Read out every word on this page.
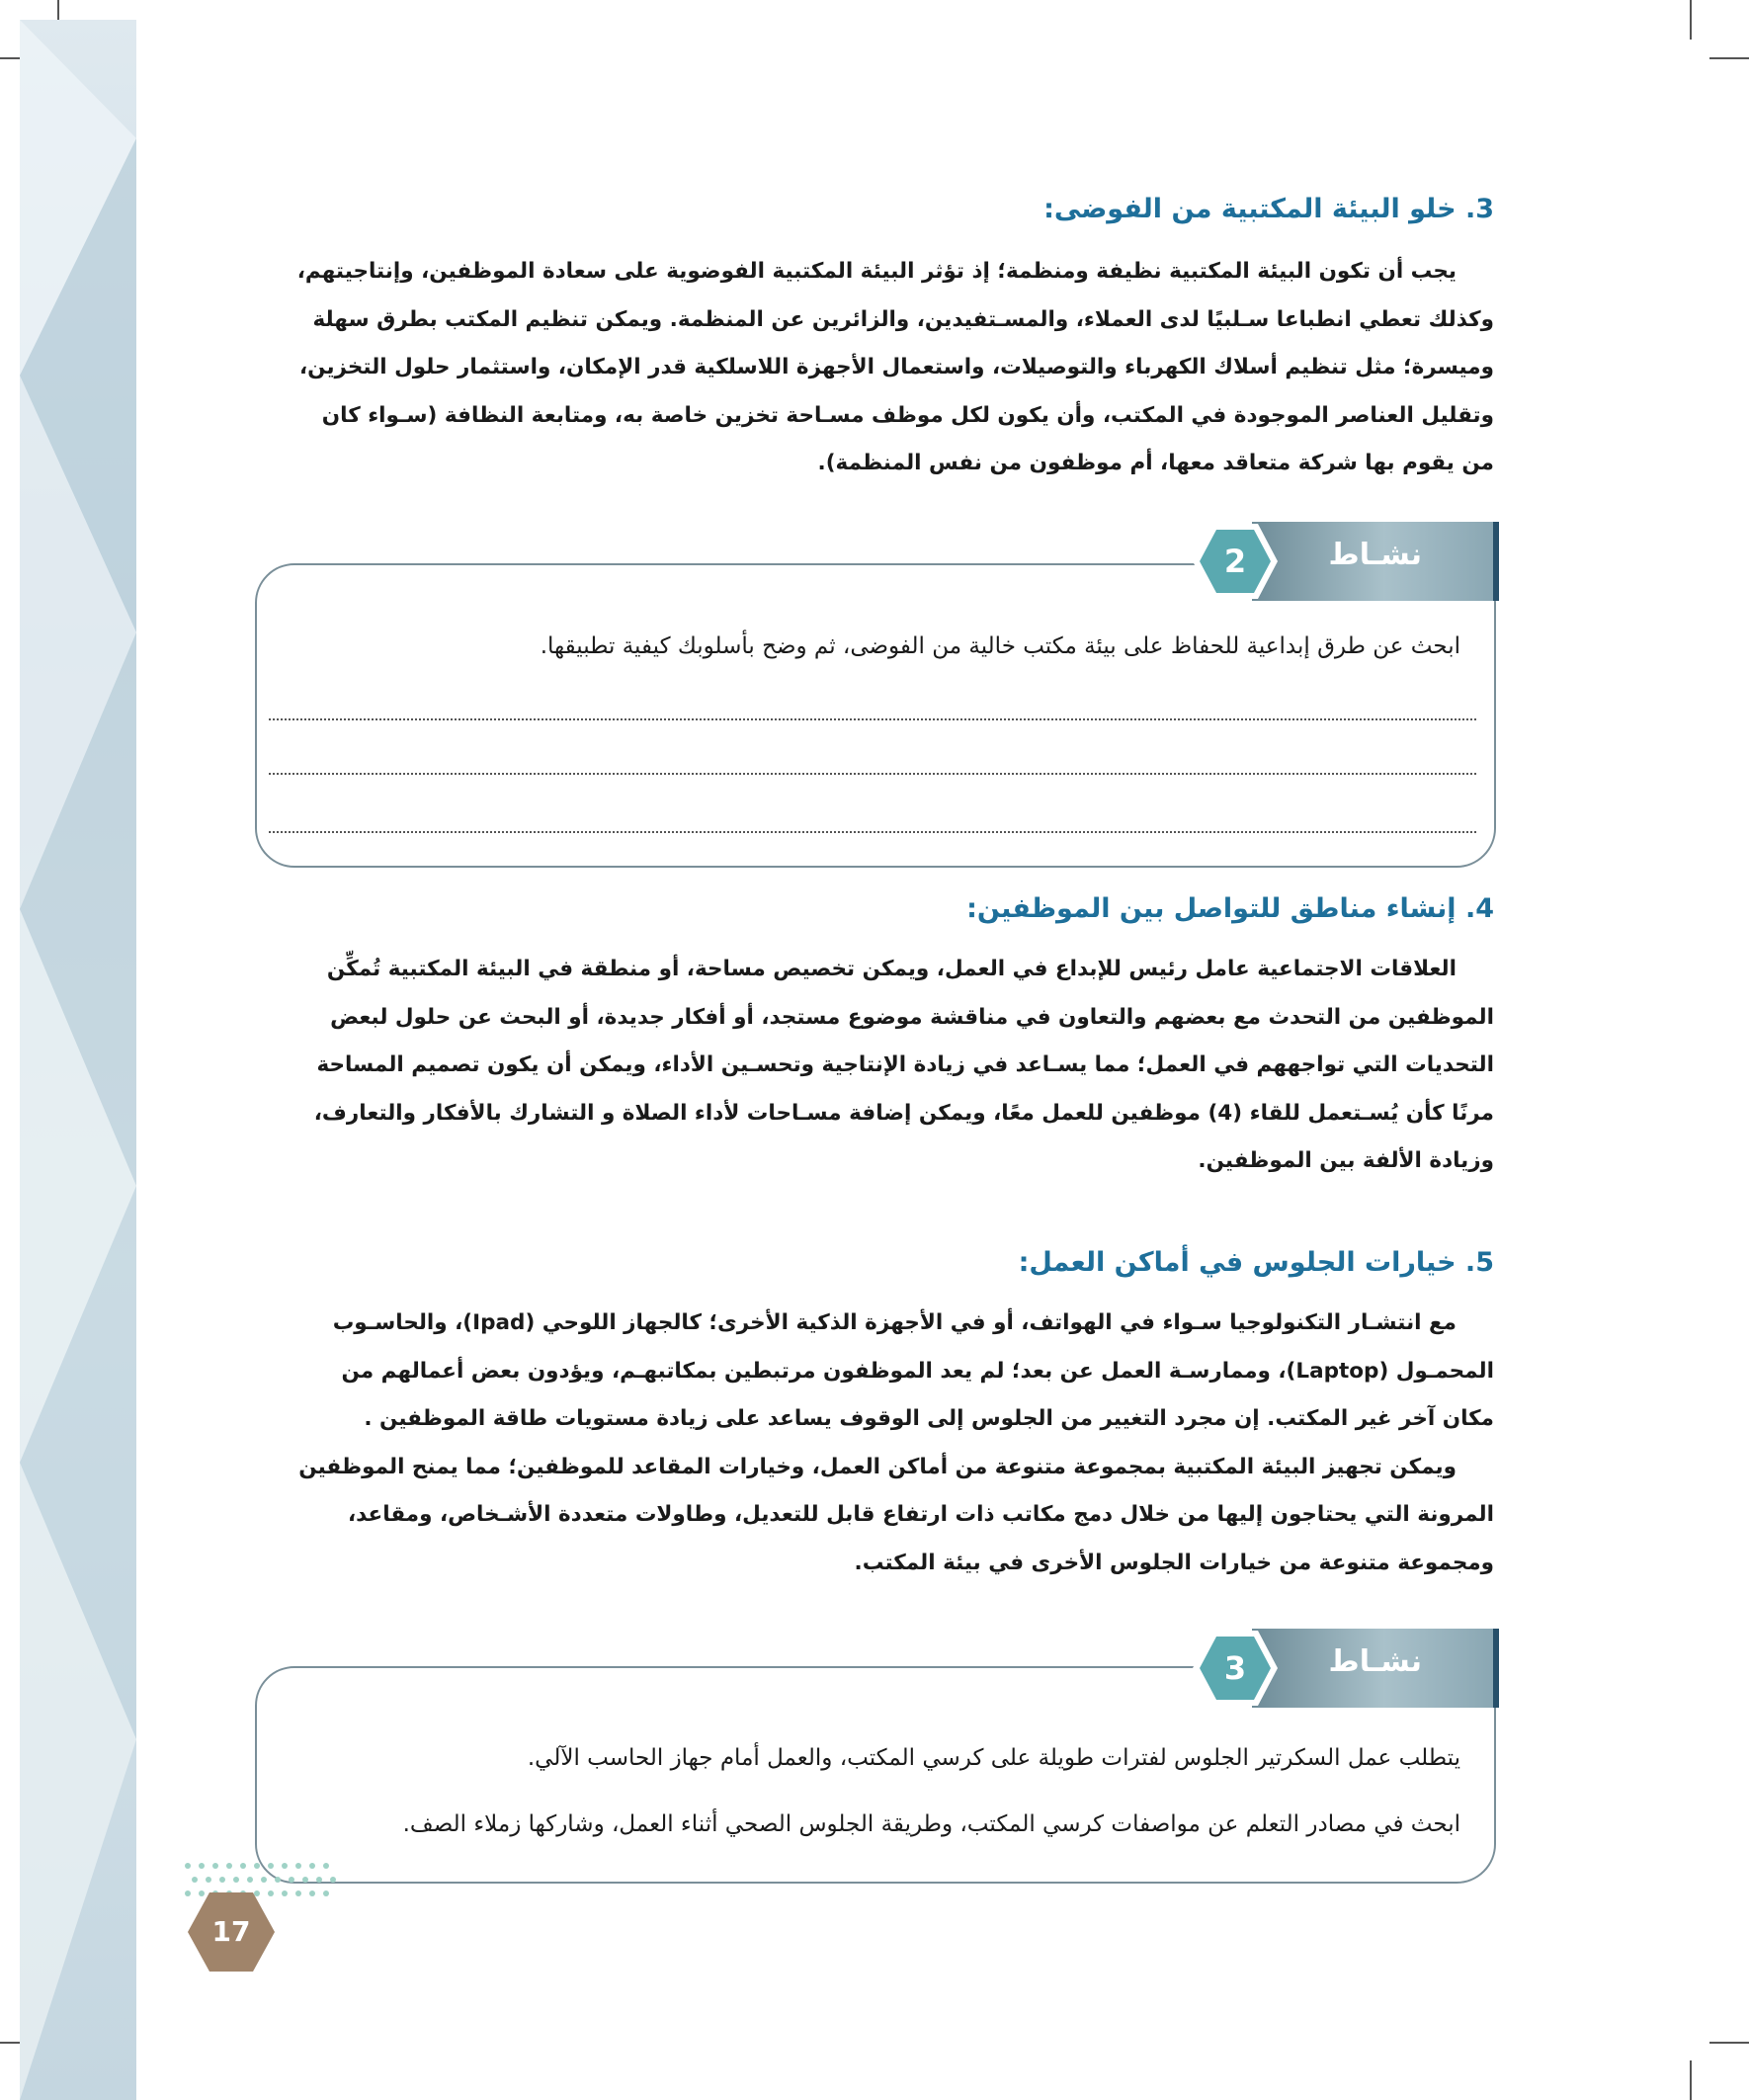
3. خلو البيئة المكتبية من الفوضى:
يجب أن تكون البيئة المكتبية نظيفة ومنظمة؛ إذ تؤثر البيئة المكتبية الفوضوية على سعادة الموظفين، وإنتاجيتهم،
وكذلك تعطي انطباعا سـلبيًا لدى العملاء، والمسـتفيدين، والزائرين عن المنظمة. ويمكن تنظيم المكتب بطرق سهلة
وميسرة؛ مثل تنظيم أسلاك الكهرباء والتوصيلات، واستعمال الأجهزة اللاسلكية قدر الإمكان، واستثمار حلول التخزين،
وتقليل العناصر الموجودة في المكتب، وأن يكون لكل موظف مسـاحة تخزين خاصة به، ومتابعة النظافة (سـواء كان
من يقوم بها شركة متعاقد معها، أم موظفون من نفس المنظمة).
نشـاط
2
ابحث عن طرق إبداعية للحفاظ على بيئة مكتب خالية من الفوضى، ثم وضح بأسلوبك كيفية تطبيقها.
4. إنشاء مناطق للتواصل بين الموظفين:
العلاقات الاجتماعية عامل رئيس للإبداع في العمل، ويمكن تخصيص مساحة، أو منطقة في البيئة المكتبية تُمكِّن
الموظفين من التحدث مع بعضهم والتعاون في مناقشة موضوع مستجد، أو أفكار جديدة، أو البحث عن حلول لبعض
التحديات التي تواجههم في العمل؛ مما يسـاعد في زيادة الإنتاجية وتحسـين الأداء، ويمكن أن يكون تصميم المساحة
مرنًا كأن يُسـتعمل للقاء (4) موظفين للعمل معًا، ويمكن إضافة مسـاحات لأداء الصلاة و التشارك بالأفكار والتعارف،
وزيادة الألفة بين الموظفين.
5. خيارات الجلوس في أماكن العمل:
مع انتشـار التكنولوجيا سـواء في الهواتف، أو في الأجهزة الذكية الأخرى؛ كالجهاز اللوحي (Ipad)، والحاسـوب
المحمـول (Laptop)، وممارسـة العمل عن بعد؛ لم يعد الموظفون مرتبطين بمكاتبهـم، ويؤدون بعض أعمالهم من
مكان آخر غير المكتب. إن مجرد التغيير من الجلوس إلى الوقوف يساعد على زيادة مستويات طاقة الموظفين .
ويمكن تجهيز البيئة المكتبية بمجموعة متنوعة من أماكن العمل، وخيارات المقاعد للموظفين؛ مما يمنح الموظفين
المرونة التي يحتاجون إليها من خلال دمج مكاتب ذات ارتفاع قابل للتعديل، وطاولات متعددة الأشـخاص، ومقاعد،
ومجموعة متنوعة من خيارات الجلوس الأخرى في بيئة المكتب.
نشـاط
3
يتطلب عمل السكرتير الجلوس لفترات طويلة على كرسي المكتب، والعمل أمام جهاز الحاسب الآلي.
ابحث في مصادر التعلم عن مواصفات كرسي المكتب، وطريقة الجلوس الصحي أثناء العمل، وشاركها زملاء الصف.
17
